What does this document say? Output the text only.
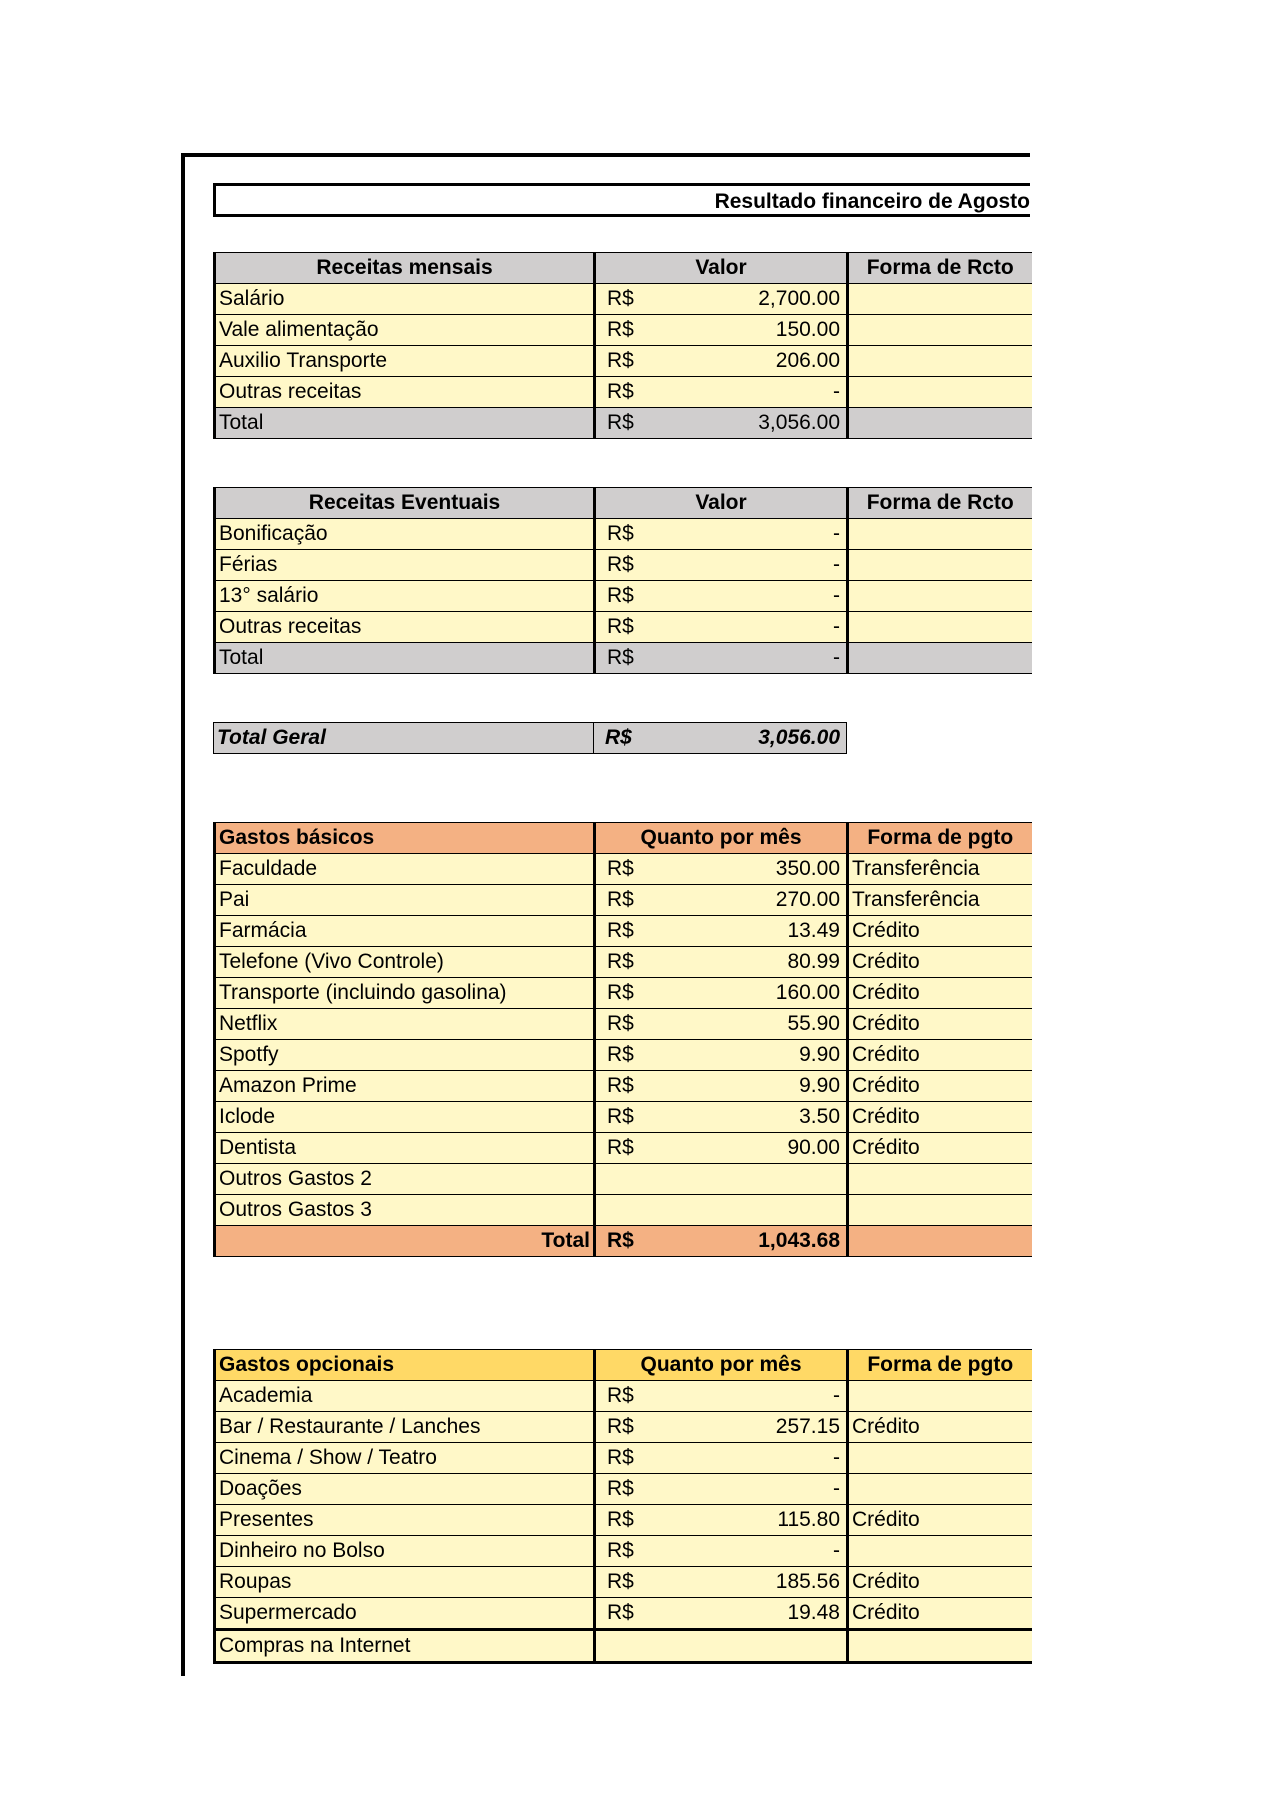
Resultado financeiro de Agosto
Receitas mensais	Valor	Forma de Rcto
Salário	R$ 2,700.00	

Vale alimentação	R$ 150.00	

Auxilio Transporte	R$ 206.00	

Outras receitas	R$ -	

Total	R$ 3,056.00	

Receitas Eventuais	Valor	Forma de Rcto
Bonificação	R$ -	

Férias	R$ -	

13° salário	R$ -	

Outras receitas	R$ -	

Total	R$ -	

Total Geral	R$	3,056.00
Gastos básicos	Quanto por mês	Forma de pgto
Faculdade	R$ 350.00	Transferência
Pai	R$ 270.00	Transferência
Farmácia	R$ 13.49	Crédito
Telefone (Vivo Controle)	R$ 80.99	Crédito
Transporte (incluindo gasolina)	R$ 160.00	Crédito
Netflix	R$ 55.90	Crédito
Spotfy	R$ 9.90	Crédito
Amazon Prime	R$ 9.90	Crédito
Iclode	R$ 3.50	Crédito
Dentista	R$ 90.00	Crédito
Outros Gastos 2	

Outros Gastos 3	

Total	R$ 1,043.68	

Gastos opcionais	Quanto por mês	Forma de pgto
Academia	R$ -	

Bar / Restaurante / Lanches	R$ 257.15	Crédito
Cinema / Show / Teatro	R$ -	

Doações	R$ -	

Presentes	R$ 115.80	Crédito
Dinheiro no Bolso	R$ -	

Roupas	R$ 185.56	Crédito
Supermercado	R$ 19.48	Crédito
Compras na Internet	
